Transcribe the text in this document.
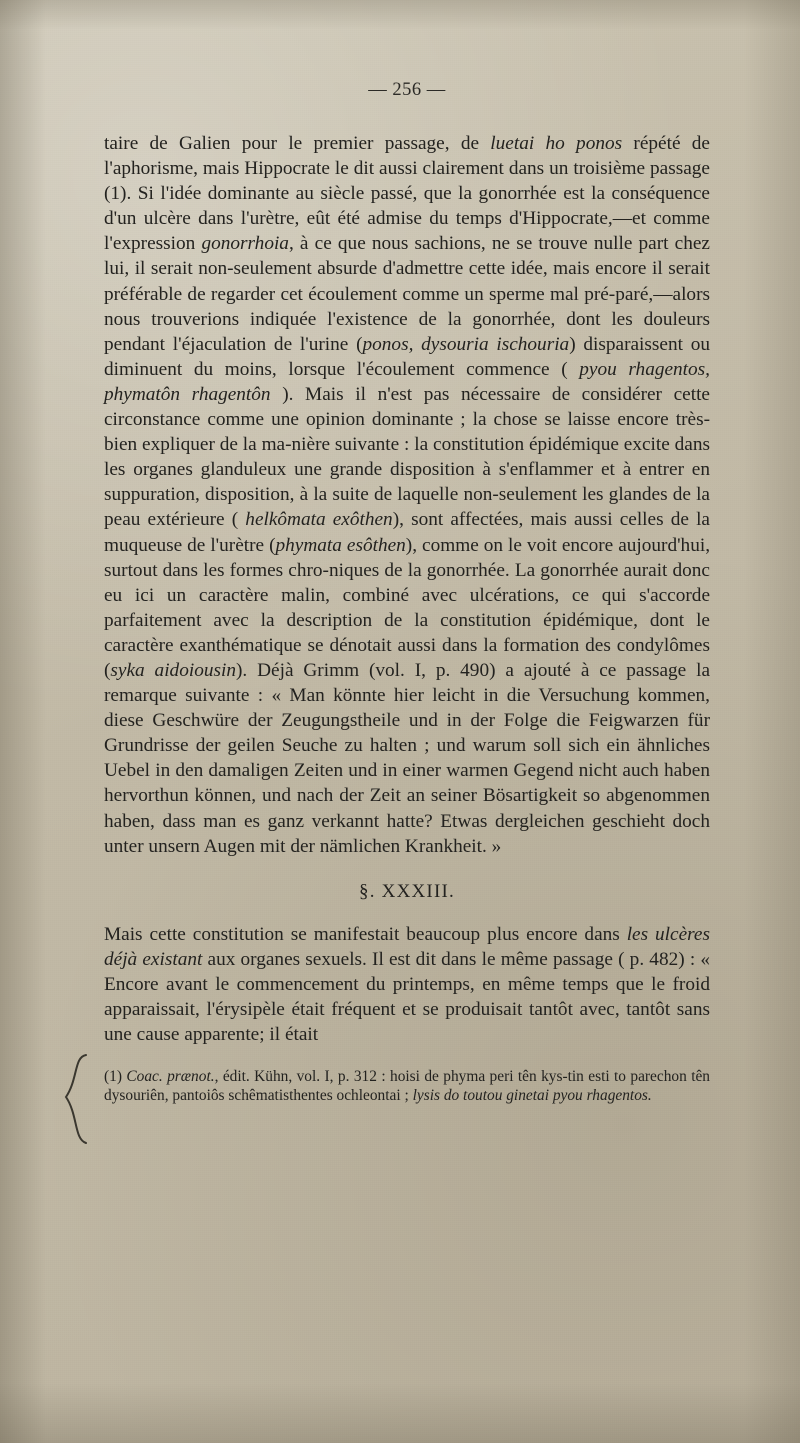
— 256 —

taire de Galien pour le premier passage, de luetai ho ponos répété de l'aphorisme, mais Hippocrate le dit aussi clairement dans un troisième passage (1). Si l'idée dominante au siècle passé, que la gonorrhée est la conséquence d'un ulcère dans l'urètre, eût été admise du temps d'Hippocrate,—et comme l'expression gonorrhoia, à ce que nous sachions, ne se trouve nulle part chez lui, il serait non-seulement absurde d'admettre cette idée, mais encore il serait préférable de regarder cet écoulement comme un sperme mal pré-paré,—alors nous trouverions indiquée l'existence de la gonorrhée, dont les douleurs pendant l'éjaculation de l'urine (ponos, dysouria ischouria) disparaissent ou diminuent du moins, lorsque l'écoulement commence ( pyou rhagentos, phymatôn rhagentôn ). Mais il n'est pas nécessaire de considérer cette circonstance comme une opinion dominante ; la chose se laisse encore très-bien expliquer de la ma-nière suivante : la constitution épidémique excite dans les organes glanduleux une grande disposition à s'enflammer et à entrer en suppuration, disposition, à la suite de laquelle non-seulement les glandes de la peau extérieure ( helkômata exôthen), sont affectées, mais aussi celles de la muqueuse de l'urètre (phymata esôthen), comme on le voit encore aujourd'hui, surtout dans les formes chro-niques de la gonorrhée. La gonorrhée aurait donc eu ici un caractère malin, combiné avec ulcérations, ce qui s'accorde parfaitement avec la description de la constitution épidémique, dont le caractère exanthématique se dénotait aussi dans la formation des condylômes (syka aidoiousin). Déjà Grimm (vol. I, p. 490) a ajouté à ce passage la remarque suivante : « Man könnte hier leicht in die Versuchung kommen, diese Geschwüre der Zeugungstheile und in der Folge die Feigwarzen für Grundrisse der geilen Seuche zu halten ; und warum soll sich ein ähnliches Uebel in den damaligen Zeiten und in einer warmen Gegend nicht auch haben hervorthun können, und nach der Zeit an seiner Bösartigkeit so abgenommen haben, dass man es ganz verkannt hatte? Etwas dergleichen geschieht doch unter unsern Augen mit der nämlichen Krankheit. »

§. XXXIII.

Mais cette constitution se manifestait beaucoup plus encore dans les ulcères déjà existant aux organes sexuels. Il est dit dans le même passage ( p. 482) : « Encore avant le commencement du printemps, en même temps que le froid apparaissait, l'érysipèle était fréquent et se produisait tantôt avec, tantôt sans une cause apparente; il était

(1) Coac. prænot., édit. Kühn, vol. I, p. 312 : hoisi de phyma peri tên kys-tin esti to parechon tên dysouriên, pantoiôs schêmatisthentes ochleontai ; lysis do toutou ginetai pyou rhagentos.
